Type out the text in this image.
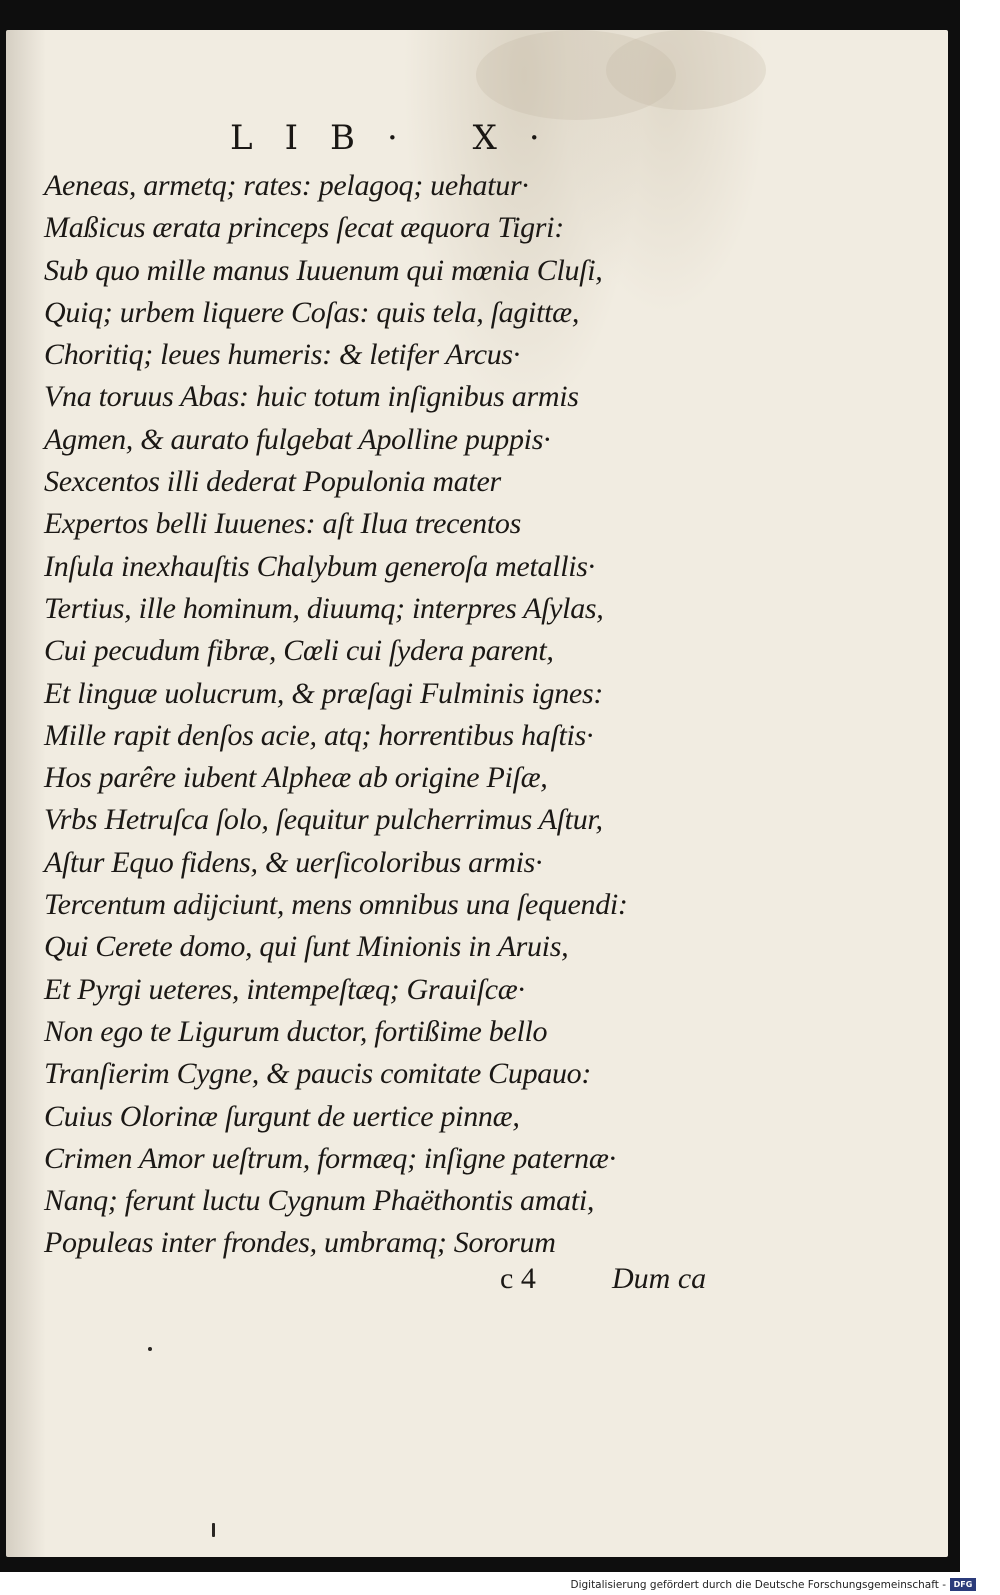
LIB· X·
Aeneas, armetq; rates: pelagoq; uehatur·
Maßicus ærata princeps ſecat æquora Tigri:
Sub quo mille manus Iuuenum qui mœnia Cluſi,
Quiq; urbem liquere Coſas: quis tela, ſagittæ,
Choritiq; leues humeris: & letifer Arcus·
Vna toruus Abas: huic totum inſignibus armis
Agmen, & aurato fulgebat Apolline puppis·
Sexcentos illi dederat Populonia mater
Expertos belli Iuuenes: aſt Ilua trecentos
Inſula inexhauſtis Chalybum generoſa metallis·
Tertius, ille hominum, diuumq; interpres Aſylas,
Cui pecudum fibræ, Cœli cui ſydera parent,
Et linguæ uolucrum, & præſagi Fulminis ignes:
Mille rapit denſos acie, atq; horrentibus haſtis·
Hos parêre iubent Alpheæ ab origine Piſæ,
Vrbs Hetruſca ſolo, ſequitur pulcherrimus Aſtur,
Aſtur Equo fidens, & uerſicoloribus armis·
Tercentum adijciunt, mens omnibus una ſequendi:
Qui Cerete domo, qui ſunt Minionis in Aruis,
Et Pyrgi ueteres, intempeſtæq; Grauiſcæ·
Non ego te Ligurum ductor, fortißime bello
Tranſierim Cygne, & paucis comitate Cupauo:
Cuius Olorinæ ſurgunt de uertice pinnæ,
Crimen Amor ueſtrum, formæq; inſigne paternæ·
Nanq; ferunt luctu Cygnum Phaëthontis amati,
Populeas inter frondes, umbramq; Sororum
c 4	Dum ca
Digitalisierung gefördert durch die Deutsche Forschungsgemeinschaft - DFG
